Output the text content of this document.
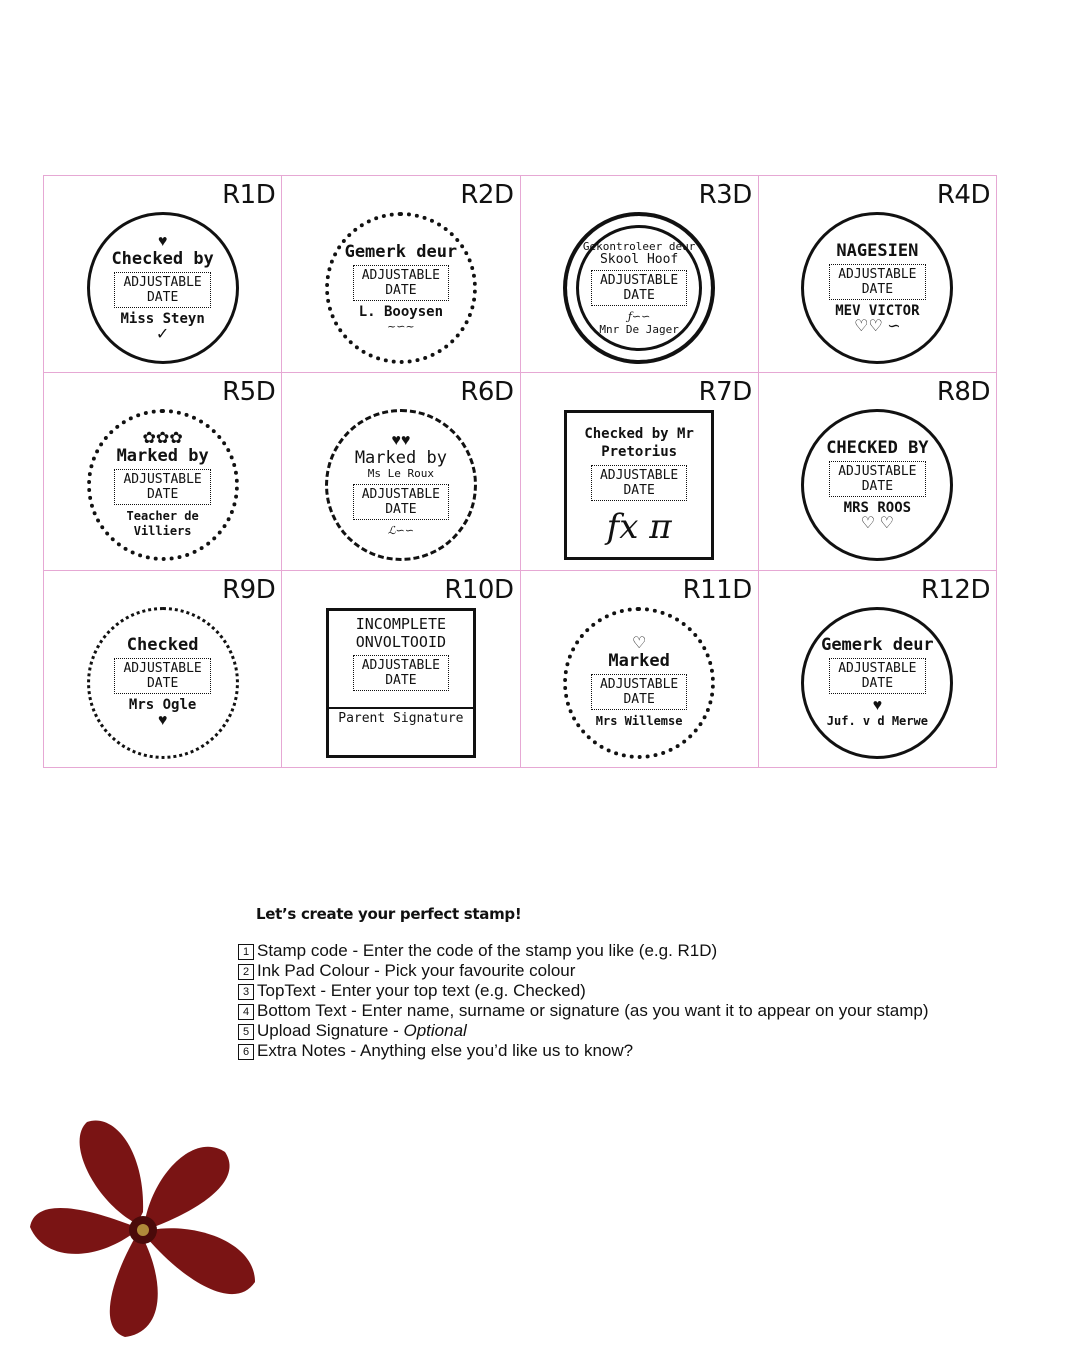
R1D
♥
Checked by
ADJUSTABLE
DATE
Miss Steyn
✓
R2D
Gemerk deur
ADJUSTABLE
DATE
L. Booysen
~∽~
R3D
Gekontroleer deur
Skool Hoof
ADJUSTABLE
DATE
ƒ∽∽
Mnr De Jager
R4D
NAGESIEN
ADJUSTABLE
DATE
MEV VICTOR
♡♡ ∽
R5D
✿✿✿
Marked by
ADJUSTABLE
DATE
Teacher de Villiers
R6D
♥♥
Marked by
Ms Le Roux
ADJUSTABLE
DATE
ℒ∽∽
R7D
Checked by Mr Pretorius
ADJUSTABLE
DATE
fx π
R8D
CHECKED BY
ADJUSTABLE
DATE
MRS ROOS
♡ ♡
R9D
Checked
ADJUSTABLE
DATE
Mrs Ogle
♥
R10D
INCOMPLETE ONVOLTOOID
ADJUSTABLE
DATE
Parent Signature
R11D
♡
Marked
ADJUSTABLE
DATE
Mrs Willemse
R12D
Gemerk deur
ADJUSTABLE
DATE
♥
Juf. v d Merwe
Let’s create your perfect stamp!
1 Stamp code - Enter the code of the stamp you like (e.g. R1D)
2 Ink Pad Colour - Pick your favourite colour
3 TopText - Enter your top text (e.g. Checked)
4 Bottom Text - Enter name, surname or signature (as you want it to appear on your stamp)
5 Upload Signature - Optional
6 Extra Notes - Anything else you’d like us to know?
